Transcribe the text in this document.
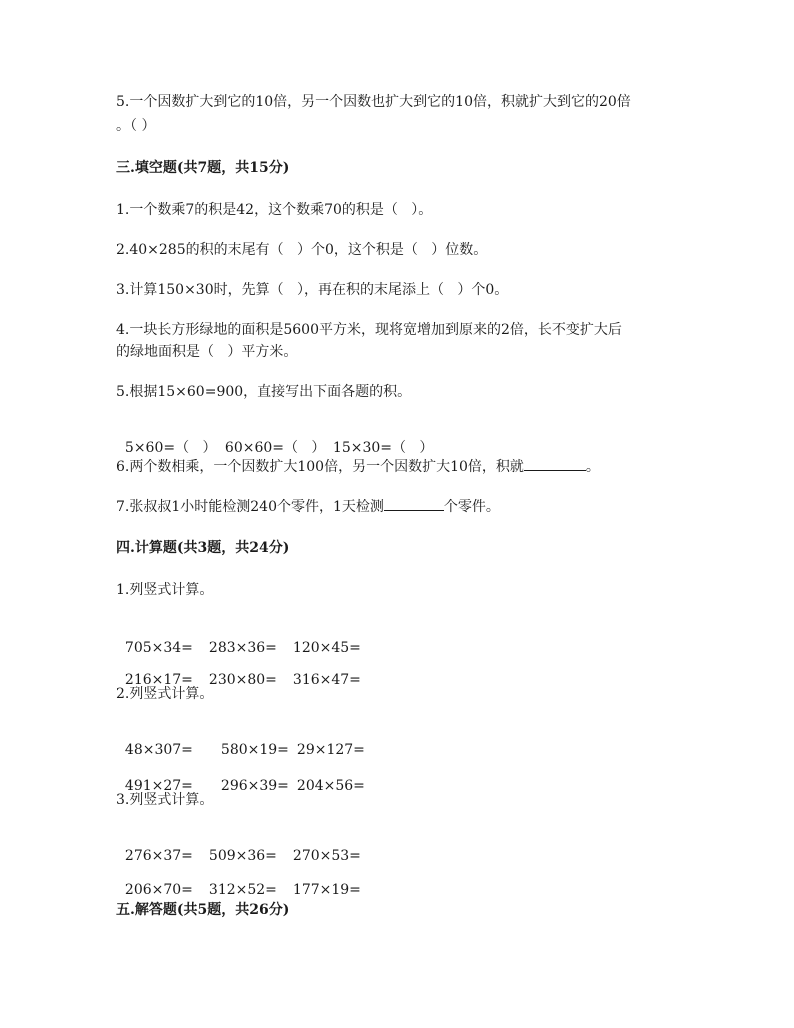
5.一个因数扩大到它的10倍，另一个因数也扩大到它的10倍，积就扩大到它的20倍
。（ ）
三.填空题(共7题，共15分)
1.一个数乘7的积是42，这个数乘70的积是（   ）。
2.40×285的积的末尾有（   ）个0，这个积是（   ）位数。
3.计算150×30时，先算（   ），再在积的末尾添上（   ）个0。
4.一块长方形绿地的面积是5600平方米，现将宽增加到原来的2倍，长不变扩大后
的绿地面积是（   ）平方米。
5.根据15×60=900，直接写出下面各题的积。

5×60=（   ） 60×60=（   ） 15×30=（   ）

6.两个数相乘，一个因数扩大100倍，另一个因数扩大10倍，积就	。
7.张叔叔1小时能检测240个零件，1天检测	个零件。
四.计算题(共3题，共24分)
1.列竖式计算。

705×34= 283×36= 120×45=

216×17= 230×80= 316×47=

2.列竖式计算。

48×307= 580×19= 29×127=

491×27= 296×39= 204×56=

3.列竖式计算。

276×37= 509×36= 270×53=

206×70= 312×52= 177×19=

五.解答题(共5题，共26分)
